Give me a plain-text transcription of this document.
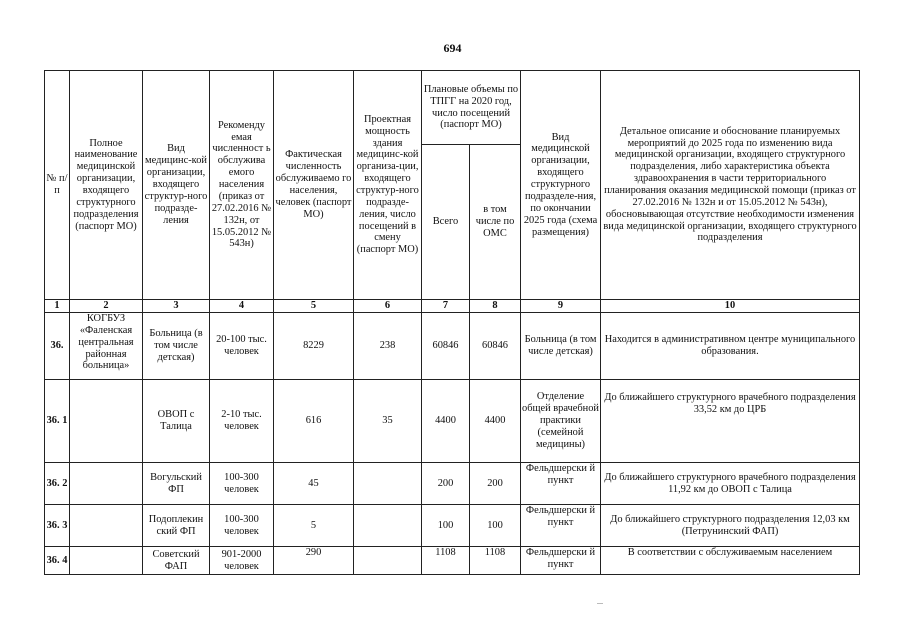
694
№ п/п	Полное наименование медицинской организации, входящего структурного подразделения (паспорт МО)	Вид медицинс-кой организации, входящего структур-ного подразде-ления	Рекоменду емая численност ь обслужива емого населения (приказ от 27.02.2016 № 132н, от 15.05.2012 № 543н)	Фактическая численность обслуживаемо го населения, человек (паспорт МО)	Проектная мощность здания медицинс-кой организа-ции, входящего структур-ного подразде-ления, число посещений в смену (паспорт МО)	Плановые объемы по ТПГГ на 2020 год, число посещений (паспорт МО)		Вид медицинской организации, входящего структурного подразделе-ния, по окончании 2025 года (схема размещения)	Детальное описание и обоснование планируемых мероприятий до 2025 года по изменению вида медицинской организации, входящего структурного подразделения, либо характеристика объекта здравоохранения в части территориального планирования оказания медицинской помощи (приказ от 27.02.2016 № 132н и от 15.05.2012 № 543н), обосновывающая отсутствие необходимости изменения вида медицинской организации, входящего структурного подразделения
						Всего	в том числе по ОМС		
1	2	3	4	5	6	7	8	9	10
36.	КОГБУЗ «Фаленская центральная районная больница»	Больница (в том числе детская)	20-100 тыс. человек	8229	238	60846	60846	Больница (в том числе детская)	Находится в административном центре муниципального образования.
36. 1		ОВОП с Талица	2-10 тыс. человек	616	35	4400	4400	Отделение общей врачебной практики (семейной медицины)	До ближайшего структурного врачебного подразделения 33,52 км до ЦРБ
36. 2		Вогульский ФП	100-300 человек	45		200	200	Фельдшерски й пункт	До ближайшего структурного врачебного подразделения 11,92 км до ОВОП с Талица
36. 3		Подоплекин ский ФП	100-300 человек	5		100	100	Фельдшерски й пункт	До ближайшего структурного подразделения 12,03 км (Петрунинский ФАП)
36. 4		Советский ФАП	901-2000 человек	290		1108	1108	Фельдшерски й пункт	В соответствии с обслуживаемым населением
